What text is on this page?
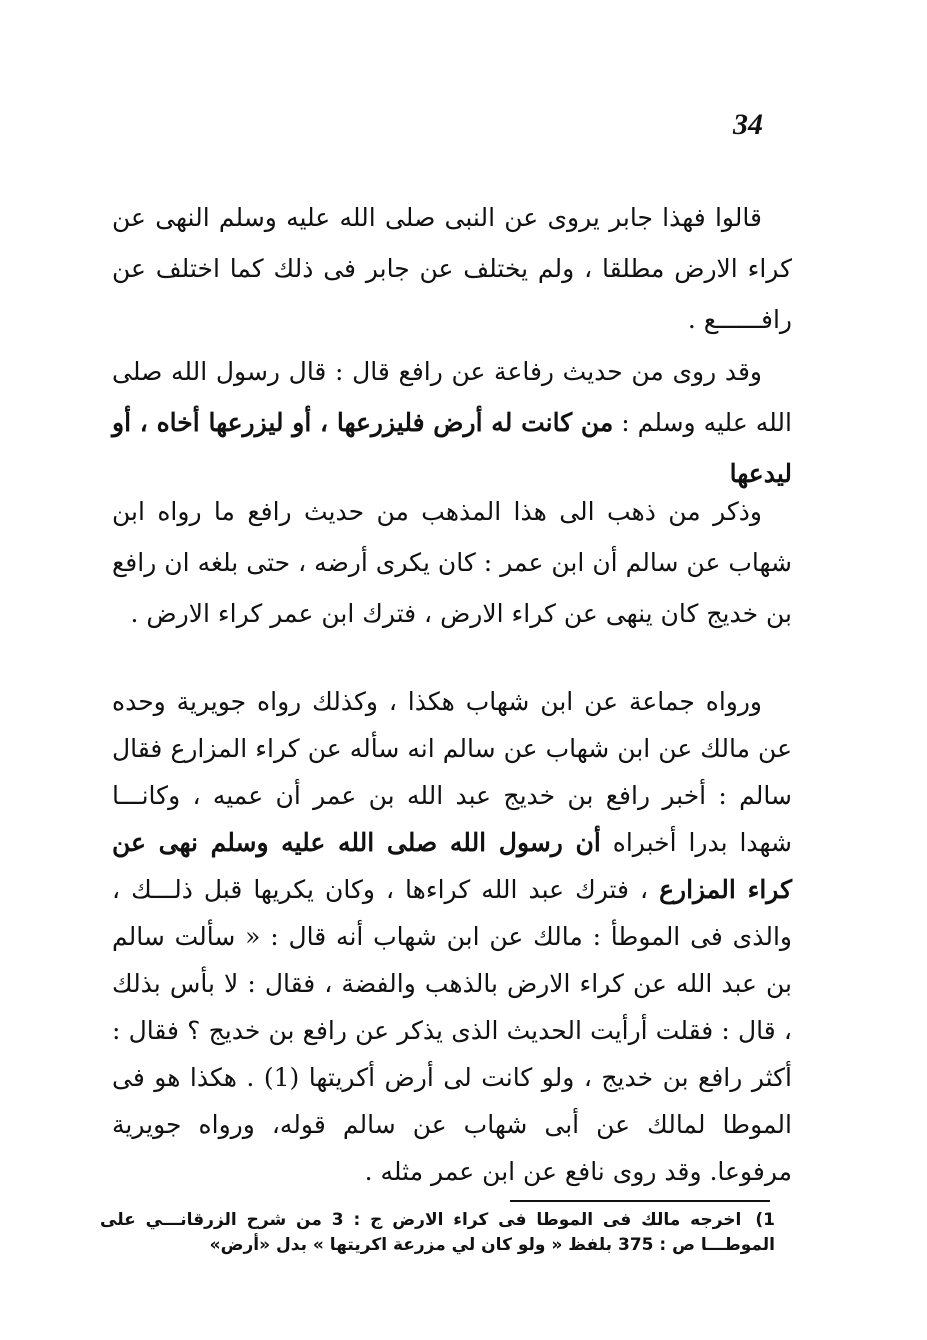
34

قالوا فهذا جابر يروى عن النبى صلى الله عليه وسلم النهى عن كراء الارض مطلقا ، ولم يختلف عن جابر فى ذلك كما اختلف عن رافــــــع .

وقد روى من حديث رفاعة عن رافع قال : قال رسول الله صلى الله عليه وسلم : من كانت له أرض فليزرعها ، أو ليزرعها أخاه ، أو ليدعها

وذكر من ذهب الى هذا المذهب من حديث رافع ما رواه ابن شهاب عن سالم أن ابن عمر : كان يكرى أرضه ، حتى بلغه ان رافع بن خديج كان ينهى عن كراء الارض ، فترك ابن عمر كراء الارض .

ورواه جماعة عن ابن شهاب هكذا ، وكذلك رواه جويرية وحده عن مالك عن ابن شهاب عن سالم انه سأله عن كراء المزارع فقال سالم : أخبر رافع بن خديج عبد الله بن عمر أن عميه ، وكانـــا شهدا بدرا أخبراه أن رسول الله صلى الله عليه وسلم نهى عن كراء المزارع ، فترك عبد الله كراءها ، وكان يكريها قبل ذلـــك ، والذى فى الموطأ : مالك عن ابن شهاب أنه قال : « سألت سالم بن عبد الله عن كراء الارض بالذهب والفضة ، فقال : لا بأس بذلك ، قال : فقلت أرأيت الحديث الذى يذكر عن رافع بن خديج ؟ فقال : أكثر رافع بن خديج ، ولو كانت لى أرض أكريتها (1) . هكذا هو فى الموطا لمالك عن أبى شهاب عن سالم قوله، ورواه جويرية مرفوعا. وقد روى نافع عن ابن عمر مثله .

1)اخرجه مالك فى الموطا فى كراء الارض ج : 3 من شرح الزرقانـــي على الموطـــا ص : 375 بلفظ « ولو كان لي مزرعة اكريتها » بدل «أرض»
